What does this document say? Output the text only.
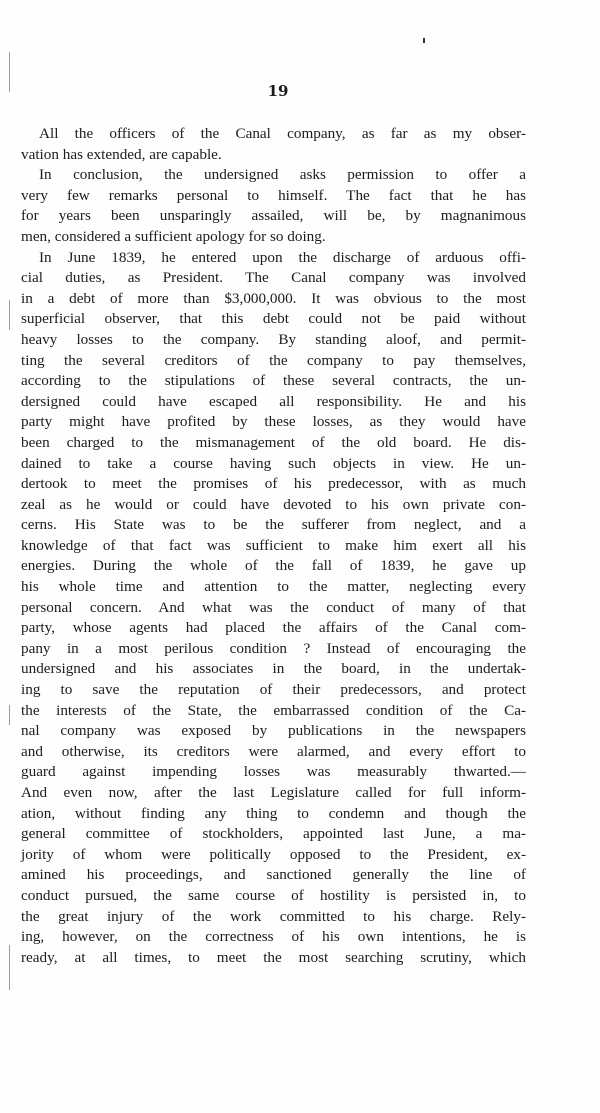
19
All the officers of the Canal company, as far as my obser-
vation has extended, are capable.
In conclusion, the undersigned asks permission to offer a
very few remarks personal to himself. The fact that he has
for years been unsparingly assailed, will be, by magnanimous
men, considered a sufficient apology for so doing.
In June 1839, he entered upon the discharge of arduous offi-
cial duties, as President. The Canal company was involved
in a debt of more than $3,000,000. It was obvious to the most
superficial observer, that this debt could not be paid without
heavy losses to the company. By standing aloof, and permit-
ting the several creditors of the company to pay themselves,
according to the stipulations of these several contracts, the un-
dersigned could have escaped all responsibility. He and his
party might have profited by these losses, as they would have
been charged to the mismanagement of the old board. He dis-
dained to take a course having such objects in view. He un-
dertook to meet the promises of his predecessor, with as much
zeal as he would or could have devoted to his own private con-
cerns. His State was to be the sufferer from neglect, and a
knowledge of that fact was sufficient to make him exert all his
energies. During the whole of the fall of 1839, he gave up
his whole time and attention to the matter, neglecting every
personal concern. And what was the conduct of many of that
party, whose agents had placed the affairs of the Canal com-
pany in a most perilous condition ? Instead of encouraging the
undersigned and his associates in the board, in the undertak-
ing to save the reputation of their predecessors, and protect
the interests of the State, the embarrassed condition of the Ca-
nal company was exposed by publications in the newspapers
and otherwise, its creditors were alarmed, and every effort to
guard against impending losses was measurably thwarted.—
And even now, after the last Legislature called for full inform-
ation, without finding any thing to condemn and though the
general committee of stockholders, appointed last June, a ma-
jority of whom were politically opposed to the President, ex-
amined his proceedings, and sanctioned generally the line of
conduct pursued, the same course of hostility is persisted in, to
the great injury of the work committed to his charge. Rely-
ing, however, on the correctness of his own intentions, he is
ready, at all times, to meet the most searching scrutiny, which
